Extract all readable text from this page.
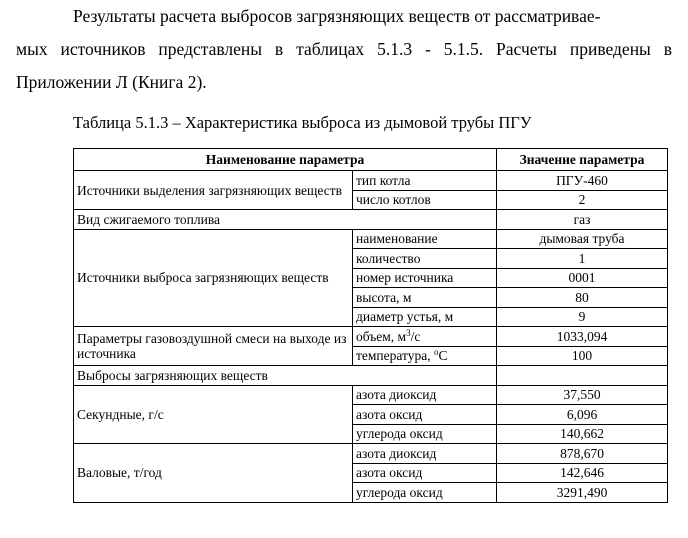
Результаты расчета выбросов загрязняющих веществ от рассматривае-
мых источников представлены в таблицах 5.1.3 - 5.1.5. Расчеты приведены в
Приложении Л (Книга 2).
Таблица 5.1.3 – Характеристика выброса из дымовой трубы ПГУ
Наименование параметра		Значение параметра
Источники выделения загрязняющих веществ	тип котла	ПГУ-460
	число котлов	2
Вид сжигаемого топлива		газ
Источники выброса загрязняющих веществ	наименование	дымовая труба
	количество	1
	номер источника	0001
	высота, м	80
	диаметр устья, м	9
Параметры газовоздушной смеси на выходе из источника	объем, $м^3/с$	1033,094
	температура, $^о$С	100
Выбросы загрязняющих веществ		
Секундные, г/с	азота диоксид	37,550
	азота оксид	6,096
	углерода оксид	140,662
Валовые, т/год	азота диоксид	878,670
	азота оксид	142,646
	углерода оксид	3291,490
